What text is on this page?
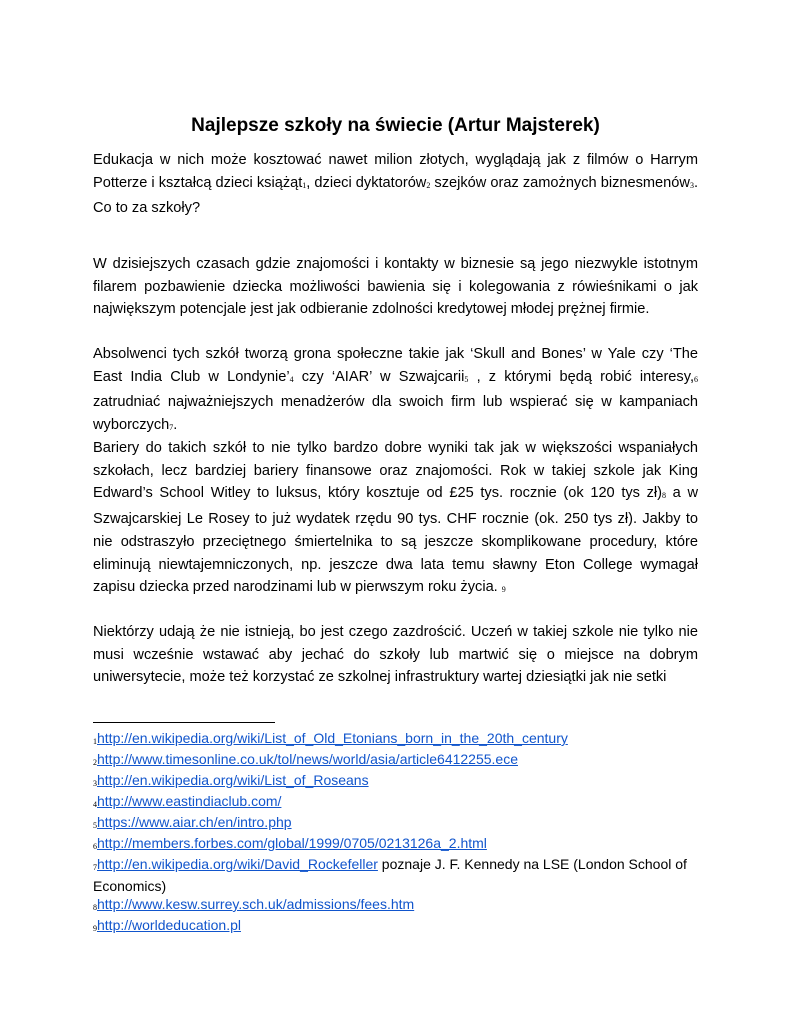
Najlepsze szkoły na świecie (Artur Majsterek)

Edukacja w nich może kosztować nawet milion złotych, wyglądają jak z filmów o Harrym Potterze i kształcą dzieci książąt1, dzieci dyktatorów2 szejków oraz zamożnych biznesmenów3. Co to za szkoły?

W dzisiejszych czasach gdzie znajomości i kontakty w biznesie są jego niezwykle istotnym filarem pozbawienie dziecka możliwości bawienia się i kolegowania z rówieśnikami o jak największym potencjale jest jak odbieranie zdolności kredytowej młodej prężnej firmie.

Absolwenci tych szkół tworzą grona społeczne takie jak ‘Skull and Bones’ w Yale czy ‘The East India Club w Londynie’4 czy ‘AIAR’ w Szwajcarii5 , z którymi będą robić interesy,6 zatrudniać najważniejszych menadżerów dla swoich firm lub wspierać się w kampaniach wyborczych7.

Bariery do takich szkół to nie tylko bardzo dobre wyniki tak jak w większości wspaniałych szkołach, lecz bardziej bariery finansowe oraz znajomości. Rok w takiej szkole jak King Edward’s School Witley to luksus, który kosztuje od £25 tys. rocznie (ok 120 tys zł)8 a w Szwajcarskiej Le Rosey to już wydatek rzędu 90 tys. CHF rocznie (ok. 250 tys zł). Jakby to nie odstraszyło przeciętnego śmiertelnika to są jeszcze skomplikowane procedury, które eliminują niewtajemniczonych, np. jeszcze dwa lata temu sławny Eton College wymagał zapisu dziecka przed narodzinami lub w pierwszym roku życia. 9

Niektórzy udają że nie istnieją, bo jest czego zazdrościć. Uczeń w takiej szkole nie tylko nie musi wcześnie wstawać aby jechać do szkoły lub martwić się o miejsce na dobrym uniwersytecie, może też korzystać ze szkolnej infrastruktury wartej dziesiątki jak nie setki

1http://en.wikipedia.org/wiki/List_of_Old_Etonians_born_in_the_20th_century
2http://www.timesonline.co.uk/tol/news/world/asia/article6412255.ece
3http://en.wikipedia.org/wiki/List_of_Roseans
4http://www.eastindiaclub.com/
5https://www.aiar.ch/en/intro.php
6http://members.forbes.com/global/1999/0705/0213126a_2.html
7http://en.wikipedia.org/wiki/David_Rockefeller poznaje J. F. Kennedy na LSE (London School of Economics)
8http://www.kesw.surrey.sch.uk/admissions/fees.htm
9http://worldeducation.pl
